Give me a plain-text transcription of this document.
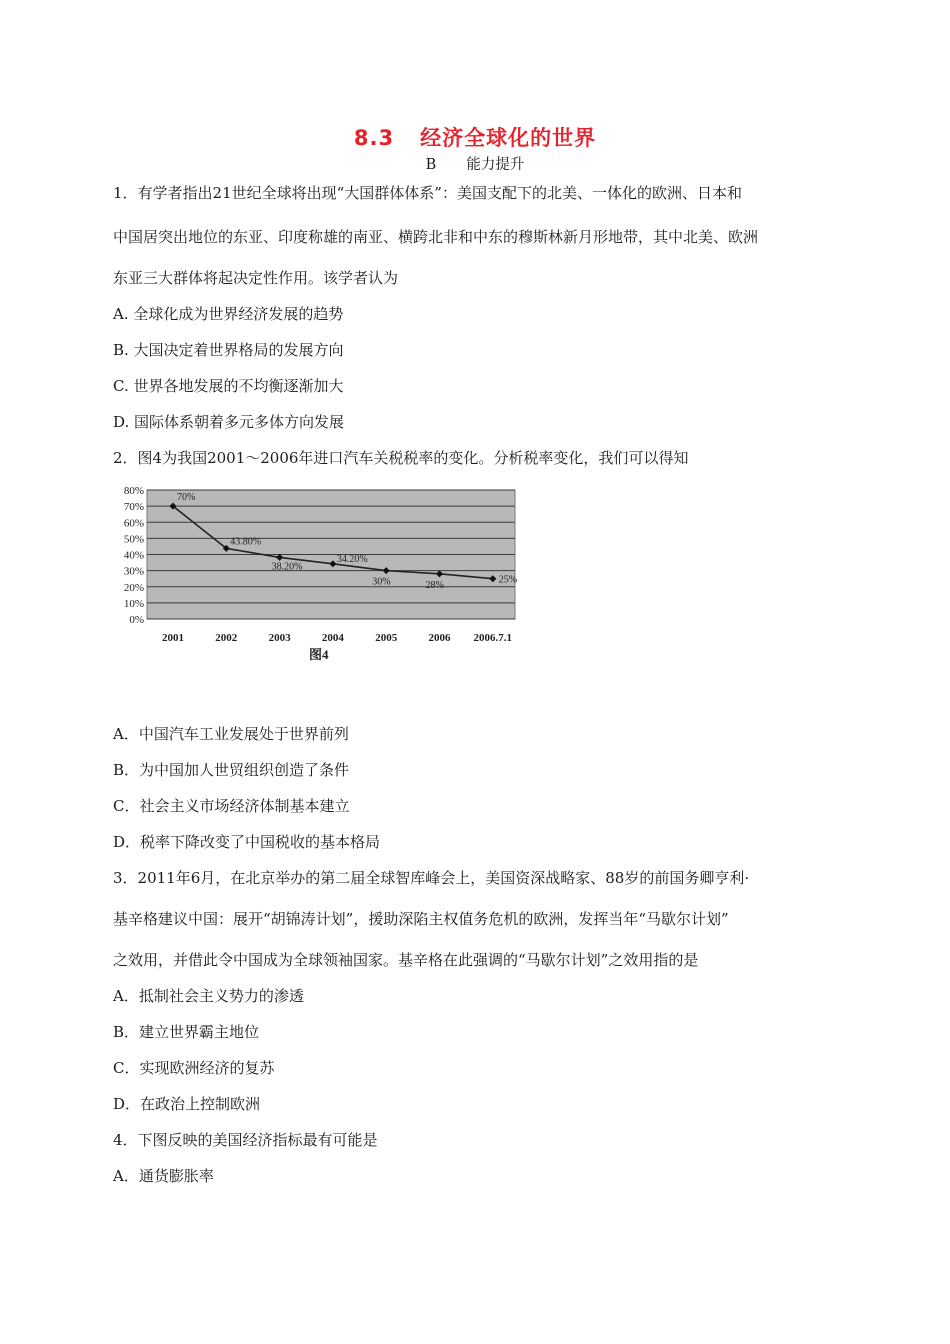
8.3 经济全球化的世界
B 能力提升
1．有学者指出21世纪全球将出现“大国群体体系”：美国支配下的北美、一体化的欧洲、日本和
中国居突出地位的东亚、印度称雄的南亚、横跨北非和中东的穆斯林新月形地带，其中北美、欧洲
东亚三大群体将起决定性作用。该学者认为
A. 全球化成为世界经济发展的趋势
B. 大国决定着世界格局的发展方向
C. 世界各地发展的不均衡逐渐加大
D. 国际体系朝着多元多体方向发展
2．图4为我国2001～2006年进口汽车关税税率的变化。分析税率变化，我们可以得知
0%
10%
20%
30%
40%
50%
60%
70%
80%
2001	2002	2003	2004	2005	2006 2006.7.1
70%
43.80%
38.20%
34.20%
30%	28%	25%
图4
A．中国汽车工业发展处于世界前列
B．为中国加人世贸组织创造了条件
C．社会主义市场经济体制基本建立
D．税率下降改变了中国税收的基本格局
3．2011年6月，在北京举办的第二届全球智库峰会上，美国资深战略家、88岁的前国务卿亨利·
基辛格建议中国：展开“胡锦涛计划”，援助深陷主权值务危机的欧洲，发挥当年“马歇尔计划”
之效用，并借此令中国成为全球领袖国家。基辛格在此强调的“马歇尔计划”之效用指的是
A．抵制社会主义势力的渗透
B．建立世界霸主地位
C．实现欧洲经济的复苏
D．在政治上控制欧洲
4．下图反映的美国经济指标最有可能是
A．通货膨胀率
